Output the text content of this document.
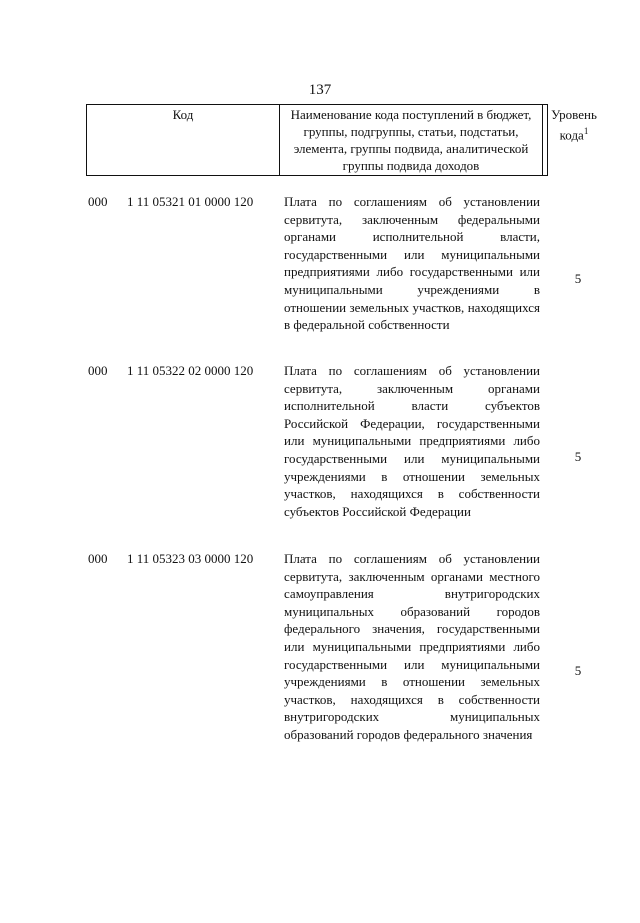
137
Код	Наименование кода поступлений в бюджет, группы, подгруппы, статьи, подстатьи, элемента, группы подвида, аналитической группы подвида доходов
Уровень кода$^1$
000 1 11 05321 01 0000 120 Плата по соглашениям об установлении сервитута, заключенным федеральными органами исполнительной власти, государственными или муниципальными предприятиями либо государственными или муниципальными учреждениями в отношении земельных участков, находящихся в федеральной собственности
5
000 1 11 05322 02 0000 120 Плата по соглашениям об установлении сервитута, заключенным органами исполнительной власти субъектов Российской Федерации, государственными или муниципальными предприятиями либо государственными или муниципальными учреждениями в отношении земельных участков, находящихся в собственности субъектов Российской Федерации
5
000 1 11 05323 03 0000 120 Плата по соглашениям об установлении сервитута, заключенным органами местного самоуправления внутригородских муниципальных образований городов федерального значения, государственными или муниципальными предприятиями либо государственными или муниципальными учреждениями в отношении земельных участков, находящихся в собственности внутригородских муниципальных образований городов федерального значения
5
